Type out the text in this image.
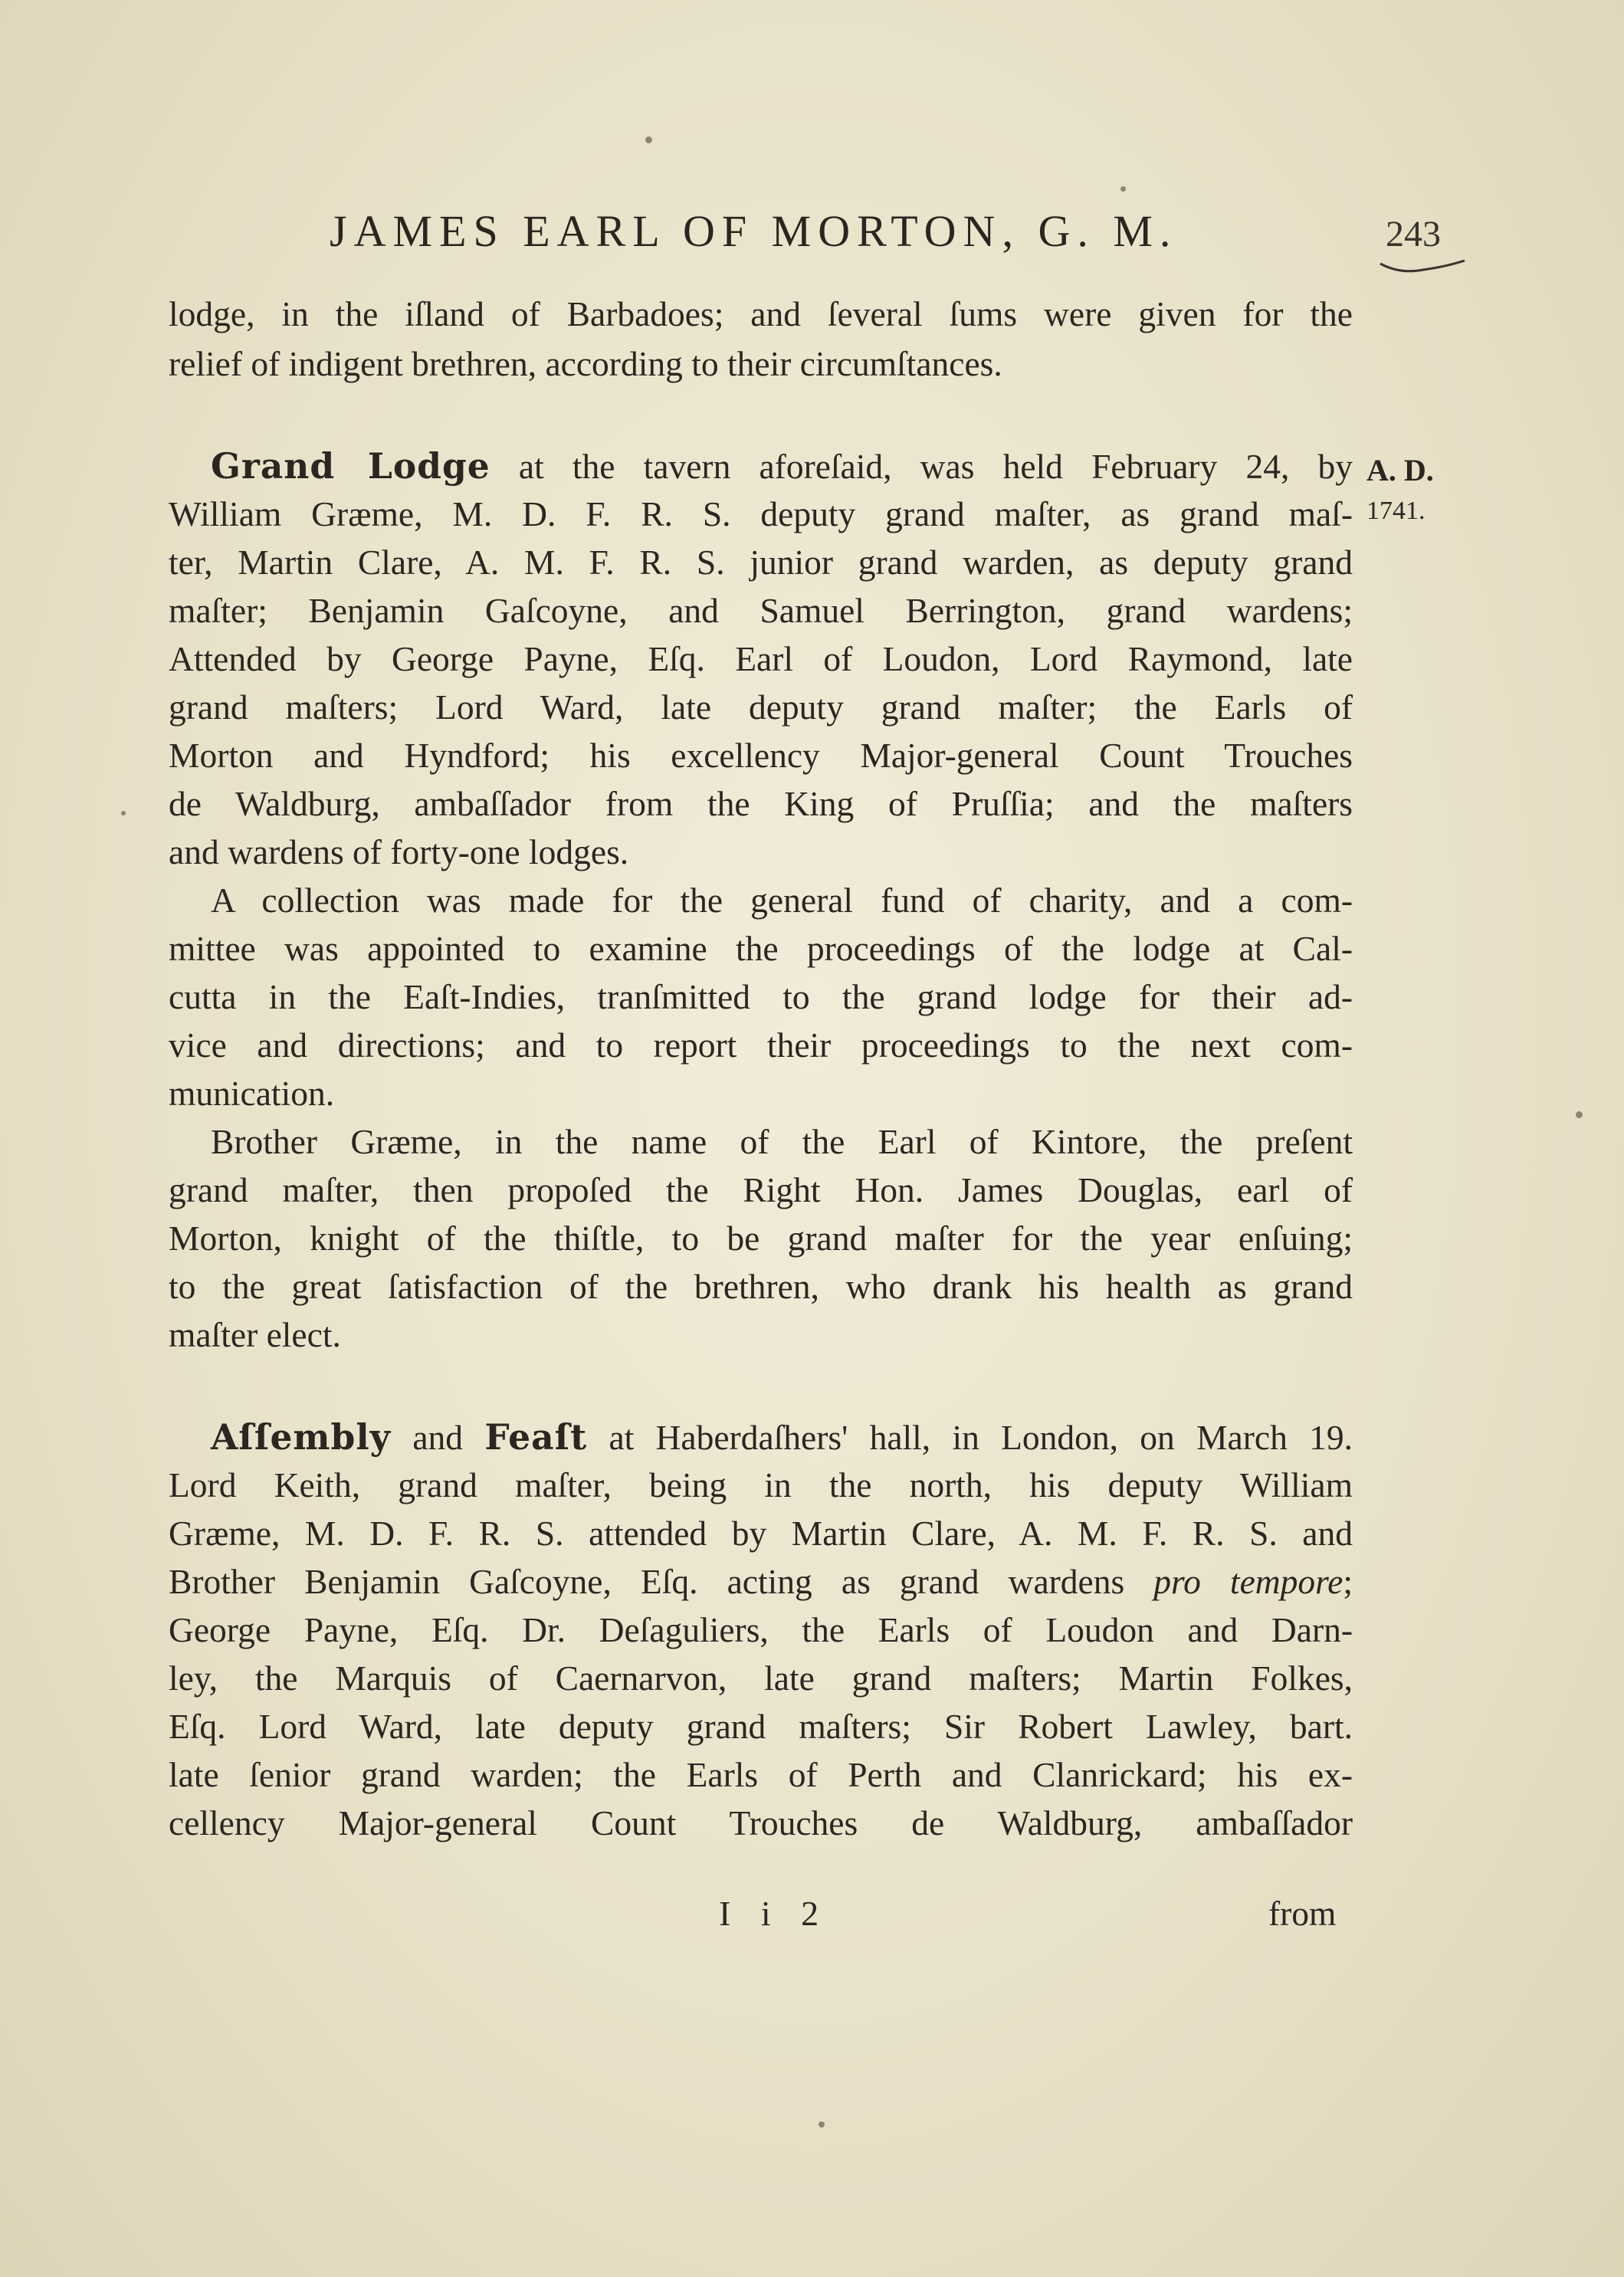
JAMES EARL OF MORTON, G. M.	243
A. D.
1741.
lodge, in the iſland of Barbadoes; and ſeveral ſums were given for the
relief of indigent brethren, according to their circumſtances.
Grand Lodge at the tavern aforeſaid, was held February 24, by
William Græme, M. D. F. R. S. deputy grand maſter, as grand maſ-
ter, Martin Clare, A. M. F. R. S. junior grand warden, as deputy grand
maſter; Benjamin Gaſcoyne, and Samuel Berrington, grand wardens;
Attended by George Payne, Eſq. Earl of Loudon, Lord Raymond, late
grand maſters; Lord Ward, late deputy grand maſter; the Earls of
Morton and Hyndford; his excellency Major-general Count Trouches
de Waldburg, ambaſſador from the King of Pruſſia; and the maſters
and wardens of forty-one lodges.
A collection was made for the general fund of charity, and a com-
mittee was appointed to examine the proceedings of the lodge at Cal-
cutta in the Eaſt-Indies, tranſmitted to the grand lodge for their ad-
vice and directions; and to report their proceedings to the next com-
munication.
Brother Græme, in the name of the Earl of Kintore, the preſent
grand maſter, then propoſed the Right Hon. James Douglas, earl of
Morton, knight of the thiſtle, to be grand maſter for the year enſuing;
to the great ſatisfaction of the brethren, who drank his health as grand
maſter elect.
Aſſembly and Feaſt at Haberdaſhers' hall, in London, on March 19.
Lord Keith, grand maſter, being in the north, his deputy William
Græme, M. D. F. R. S. attended by Martin Clare, A. M. F. R. S. and
Brother Benjamin Gaſcoyne, Eſq. acting as grand wardens pro tempore;
George Payne, Eſq. Dr. Deſaguliers, the Earls of Loudon and Darn-
ley, the Marquis of Caernarvon, late grand maſters; Martin Folkes,
Eſq. Lord Ward, late deputy grand maſters; Sir Robert Lawley, bart.
late ſenior grand warden; the Earls of Perth and Clanrickard; his ex-
cellency Major-general Count Trouches de Waldburg, ambaſſador
I i 2	from
